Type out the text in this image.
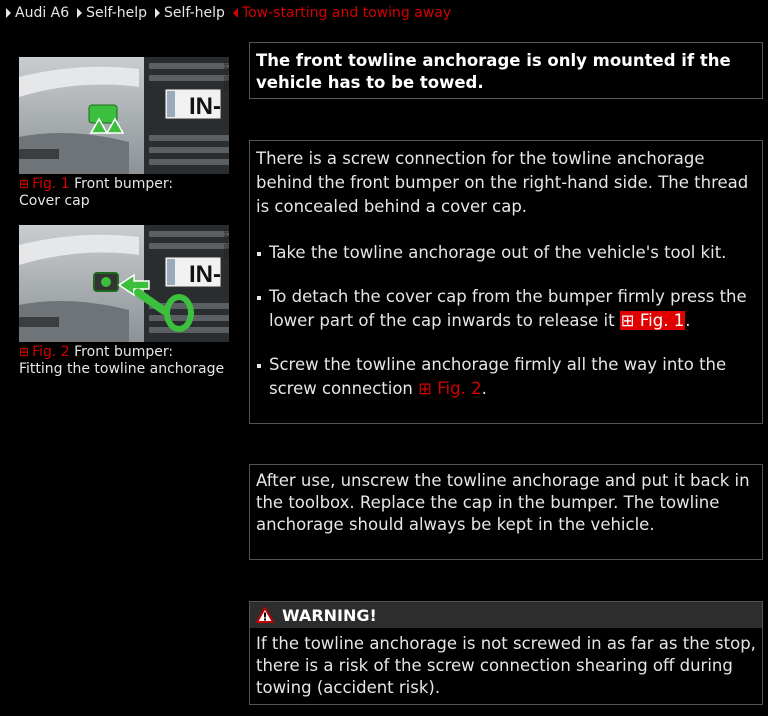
Audi A6 Self-help Self-help Tow-starting and towing away
IN-
B4L-0550
⊞ Fig. 1 Front bumper:
Cover cap
IN-
B4L-0551
⊞ Fig. 2 Front bumper:
Fitting the towline anchorage
The front towline anchorage is only mounted if the vehicle has to be towed.

There is a screw connection for the towline anchorage behind the front bumper on the right-hand side. The thread is concealed behind a cover cap.

Take the towline anchorage out of the vehicle's tool kit.
To detach the cover cap from the bumper firmly press the lower part of the cap inwards to release it ⊞ Fig. 1.
Screw the towline anchorage firmly all the way into the screw connection ⊞ Fig. 2.
After use, unscrew the towline anchorage and put it back in the toolbox. Replace the cap in the bumper. The towline anchorage should always be kept in the vehicle.
WARNING!
If the towline anchorage is not screwed in as far as the stop, there is a risk of the screw connection shearing off during towing (accident risk).
